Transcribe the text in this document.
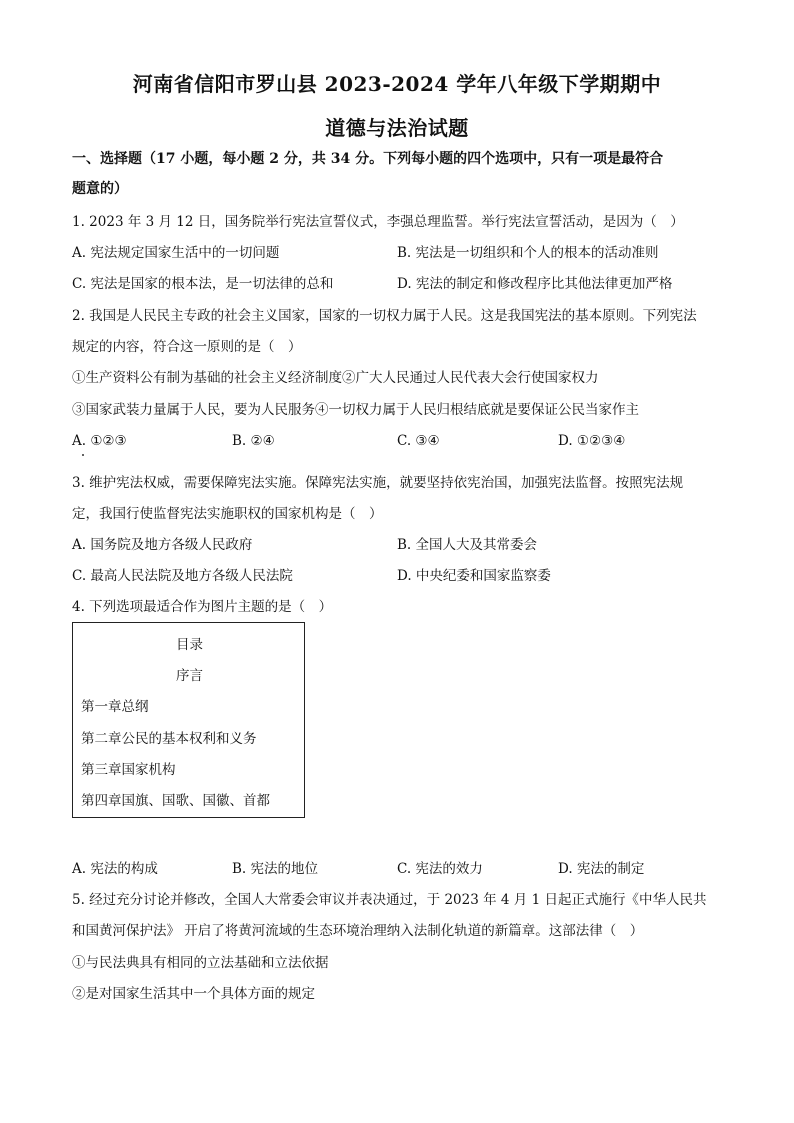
河南省信阳市罗山县 2023-2024 学年八年级下学期期中
道德与法治试题
一、选择题（17 小题，每小题 2 分，共 34 分。下列每小题的四个选项中，只有一项是最符合
题意的）
1. 2023 年 3 月 12 日，国务院举行宪法宣誓仪式，李强总理监誓。举行宪法宣誓活动，是因为（　）
A. 宪法规定国家生活中的一切问题	B. 宪法是一切组织和个人的根本的活动准则
C. 宪法是国家的根本法，是一切法律的总和	D. 宪法的制定和修改程序比其他法律更加严格
2. 我国是人民民主专政的社会主义国家，国家的一切权力属于人民。这是我国宪法的基本原则。下列宪法
规定的内容，符合这一原则的是（　）
①生产资料公有制为基础的社会主义经济制度②广大人民通过人民代表大会行使国家权力
③国家武装力量属于人民，要为人民服务④一切权力属于人民归根结底就是要保证公民当家作主
A. ①②③	B. ②④	C. ③④	D. ①②③④
3. 维护宪法权威，需要保障宪法实施。保障宪法实施，就要坚持依宪治国，加强宪法监督。按照宪法规
定，我国行使监督宪法实施职权的国家机构是（　）
A. 国务院及地方各级人民政府	B. 全国人大及其常委会
C. 最高人民法院及地方各级人民法院	D. 中央纪委和国家监察委
4. 下列选项最适合作为图片主题的是（　）
目录
序言
第一章总纲
第二章公民的基本权利和义务
第三章国家机构
第四章国旗、国歌、国徽、首都
A. 宪法的构成	B. 宪法的地位	C. 宪法的效力	D. 宪法的制定
5. 经过充分讨论并修改，全国人大常委会审议并表决通过，于 2023 年 4 月 1 日起正式施行《中华人民共
和国黄河保护法》 开启了将黄河流域的生态环境治理纳入法制化轨道的新篇章。这部法律（　）
①与民法典具有相同的立法基础和立法依据
②是对国家生活其中一个具体方面的规定
